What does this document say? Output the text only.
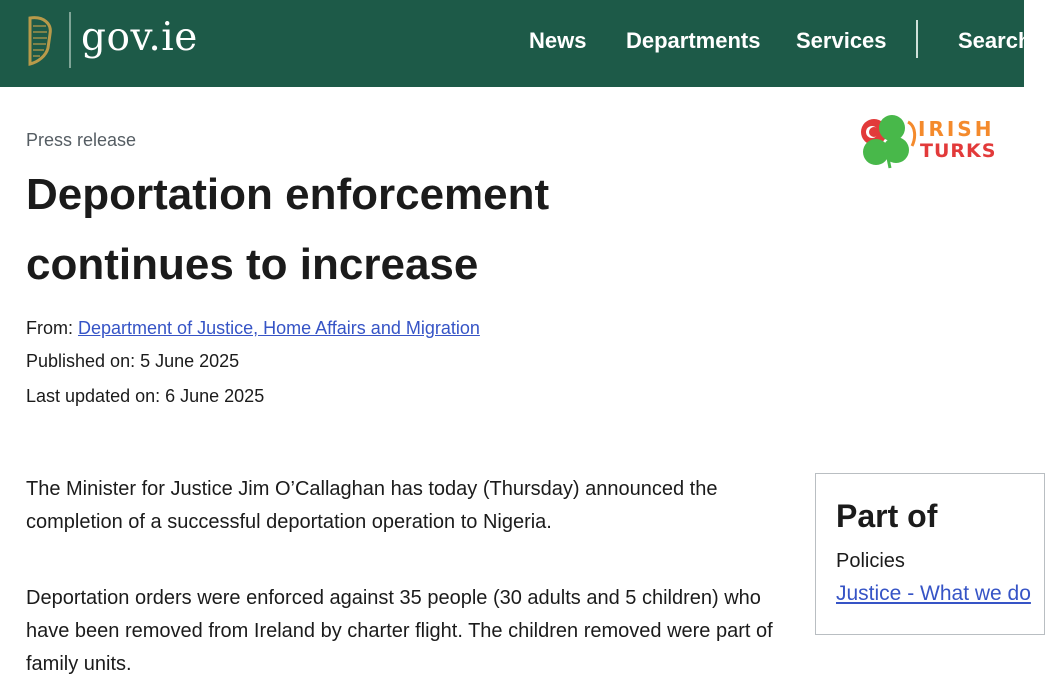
gov.ie	News Departments Services	Search
IRISH
TURKS
Press release
Deportation enforcement continues to increase
From: Department of Justice, Home Affairs and Migration
Published on: 5 June 2025
Last updated on: 6 June 2025

The Minister for Justice Jim O’Callaghan has today (Thursday) announced the completion of a successful deportation operation to Nigeria.

Deportation orders were enforced against 35 people (30 adults and 5 children) who have been removed from Ireland by charter flight. The children removed were part of family units.

Part of
Policies
Justice - What we do
